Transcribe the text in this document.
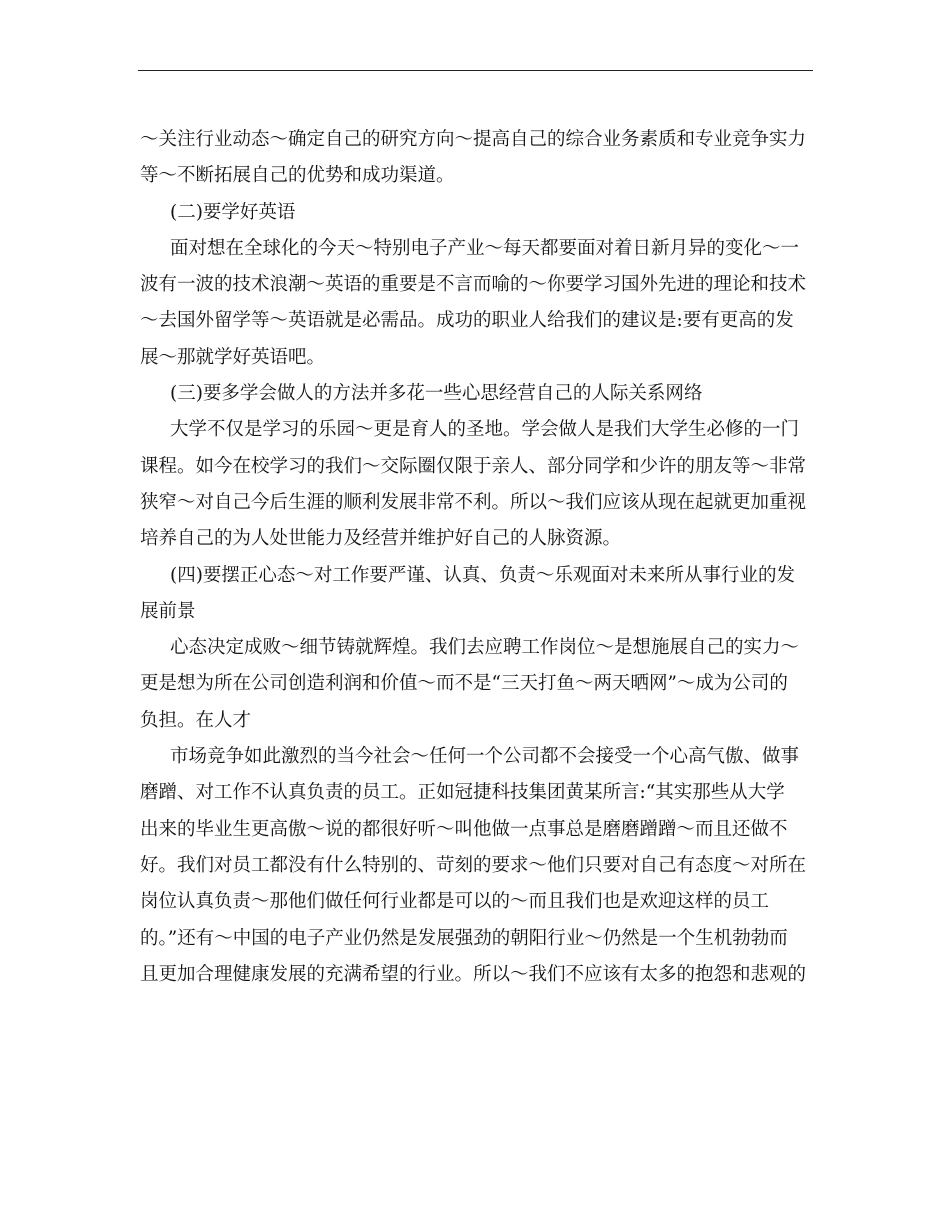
～关注行业动态～确定自己的研究方向～提高自己的综合业务素质和专业竞争实力
等～不断拓展自己的优势和成功渠道。
(二)要学好英语
面对想在全球化的今天～特别电子产业～每天都要面对着日新月异的变化～一
波有一波的技术浪潮～英语的重要是不言而喻的～你要学习国外先进的理论和技术
～去国外留学等～英语就是必需品。成功的职业人给我们的建议是:要有更高的发
展～那就学好英语吧。
(三)要多学会做人的方法并多花一些心思经营自己的人际关系网络
大学不仅是学习的乐园～更是育人的圣地。学会做人是我们大学生必修的一门
课程。如今在校学习的我们～交际圈仅限于亲人、部分同学和少许的朋友等～非常
狭窄～对自己今后生涯的顺利发展非常不利。所以～我们应该从现在起就更加重视
培养自己的为人处世能力及经营并维护好自己的人脉资源。
(四)要摆正心态～对工作要严谨、认真、负责～乐观面对未来所从事行业的发
展前景
心态决定成败～细节铸就辉煌。我们去应聘工作岗位～是想施展自己的实力～
更是想为所在公司创造利润和价值～而不是“三天打鱼～两天晒网”～成为公司的
负担。在人才
市场竞争如此激烈的当今社会～任何一个公司都不会接受一个心高气傲、做事
磨蹭、对工作不认真负责的员工。正如冠捷科技集团黄某所言:“其实那些从大学
出来的毕业生更高傲～说的都很好听～叫他做一点事总是磨磨蹭蹭～而且还做不
好。我们对员工都没有什么特别的、苛刻的要求～他们只要对自己有态度～对所在
岗位认真负责～那他们做任何行业都是可以的～而且我们也是欢迎这样的员工
的。”还有～中国的电子产业仍然是发展强劲的朝阳行业～仍然是一个生机勃勃而
且更加合理健康发展的充满希望的行业。所以～我们不应该有太多的抱怨和悲观的
